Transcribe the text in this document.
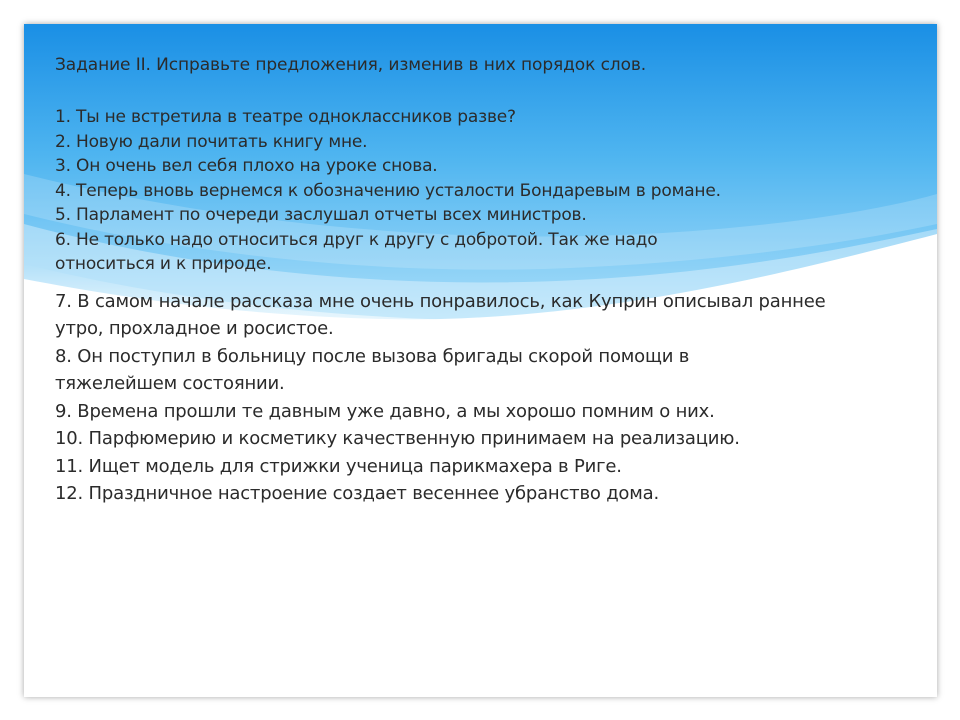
Задание II. Исправьте предложения, изменив в них порядок слов.

1. Ты не встретила в театре одноклассников разве?

2. Новую дали почитать книгу мне.

3. Он очень вел себя плохо на уроке снова.

4. Теперь вновь вернемся к обозначению усталости Бондаревым в романе.

5. Парламент по очереди заслушал отчеты всех министров.

6. Не только надо относиться друг к другу с добротой. Так же надо относиться и к природе.

7. В самом начале рассказа мне очень понравилось, как Куприн описывал раннее утро, прохладное и росистое.

8. Он поступил в больницу после вызова бригады скорой помощи в тяжелейшем состоянии.

9. Времена прошли те давным уже давно, а мы хорошо помним о них.

10. Парфюмерию и косметику качественную принимаем на реализацию.

11. Ищет модель для стрижки ученица парикмахера в Риге.

12. Праздничное настроение создает весеннее убранство дома.
